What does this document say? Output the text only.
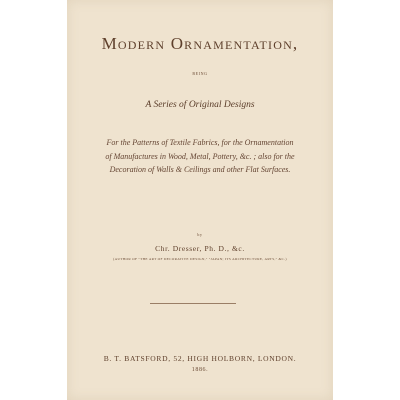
Modern Ornamentation,
BEING
A Series of Original Designs
For the Patterns of Textile Fabrics, for the Ornamentation
of Manufactures in Wood, Metal, Pottery, &c. ; also for the
Decoration of Walls & Ceilings and other Flat Surfaces.
by
Chr. Dresser, Ph. D., &c.
(AUTHOR OF "THE ART OF DECORATIVE DESIGN," "JAPAN; ITS ARCHITECTURE, ARTS," &C.)
B. T. BATSFORD, 52, HIGH HOLBORN, LONDON.
1886.
